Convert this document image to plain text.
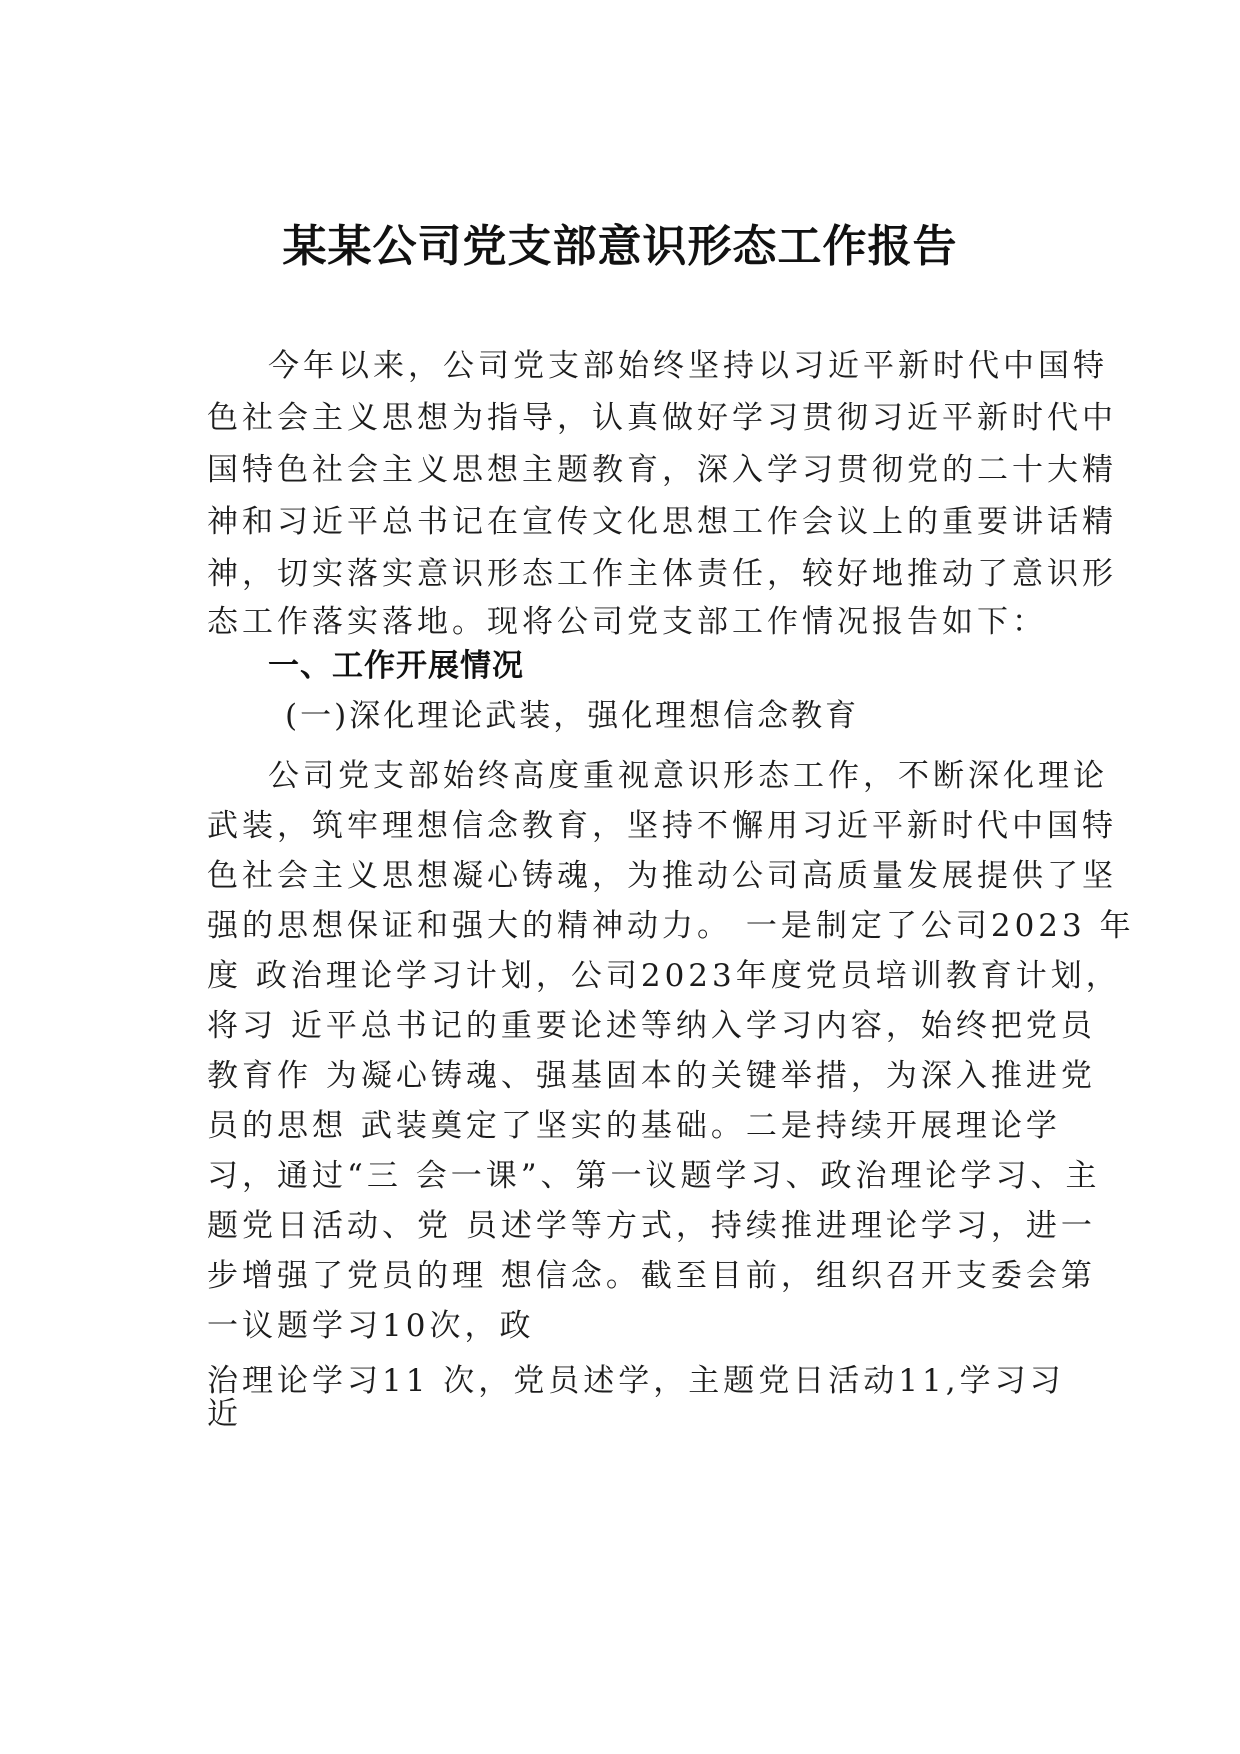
某某公司党支部意识形态工作报告
今年以来，公司党支部始终坚持以习近平新时代中国特
色社会主义思想为指导，认真做好学习贯彻习近平新时代中
国特色社会主义思想主题教育，深入学习贯彻党的二十大精
神和习近平总书记在宣传文化思想工作会议上的重要讲话精
神，切实落实意识形态工作主体责任，较好地推动了意识形
态工作落实落地。现将公司党支部工作情况报告如下：
一、工作开展情况
(一)深化理论武装，强化理想信念教育
公司党支部始终高度重视意识形态工作，不断深化理论
武装，筑牢理想信念教育，坚持不懈用习近平新时代中国特
色社会主义思想凝心铸魂，为推动公司高质量发展提供了坚
强的思想保证和强大的精神动力。 一是制定了公司2023 年
度 政治理论学习计划，公司2023年度党员培训教育计划，
将习 近平总书记的重要论述等纳入学习内容，始终把党员
教育作 为凝心铸魂、强基固本的关键举措，为深入推进党
员的思想 武装奠定了坚实的基础。二是持续开展理论学
习，通过“三 会一课”、第一议题学习、政治理论学习、主
题党日活动、党 员述学等方式，持续推进理论学习，进一
步增强了党员的理 想信念。截至目前，组织召开支委会第
一议题学习10次，政
治理论学习11 次，党员述学，主题党日活动11,学习习
近
